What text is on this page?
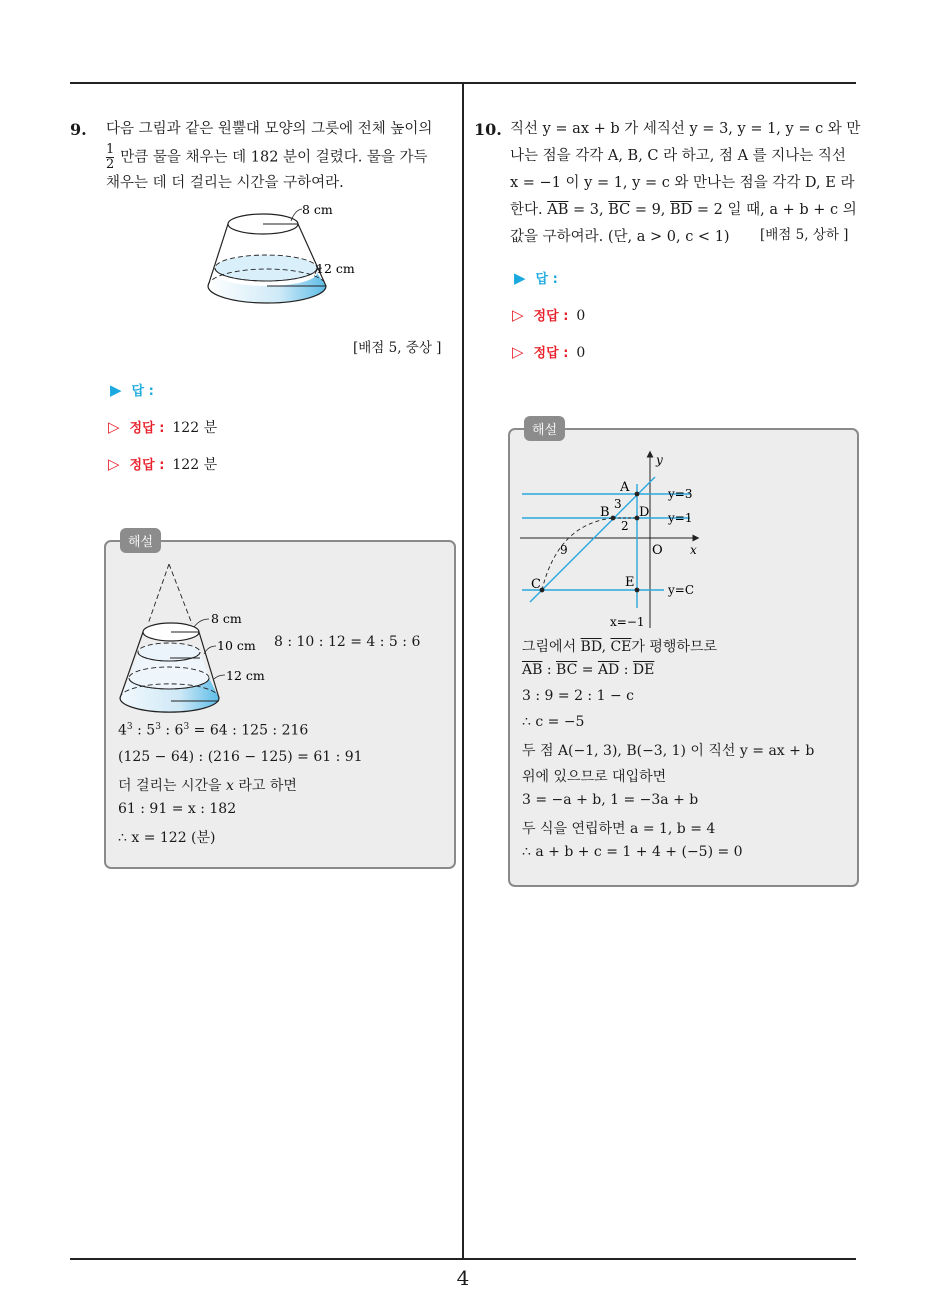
4
9. 다음 그림과 같은 원뿔대 모양의 그릇에 전체 높이의
$\frac{1}{2}$ 만큼 물을 채우는 데 182 분이 걸렸다. 물을 가득
채우는 데 더 걸리는 시간을 구하여라.
8 cm
12 cm
[배점 5, 중상 ]
▶ 답 :
▷ 정답 : 122 분
▷ 정답 : 122 분
해설
8 cm
10 cm
12 cm
8 : 10 : 12 = 4 : 5 : 6
$4^3$ : $5^3$ : $6^3 = 64$ : 125 : 216
(125 − 64) : (216 − 125) = 61 : 91
더 걸리는 시간을 x 라고 하면
61 : 91 = x : 182
∴ x = 122 (분)
10. 직선 y = ax + b 가 세직선 y = 3, y = 1, y = c 와 만
나는 점을 각각 A, B, C 라 하고, 점 A 를 지나는 직선
x = −1 이 y = 1, y = c 와 만나는 점을 각각 D, E 라
한다. $\overline{AB} = 3$, $\overline{BC} = 9$, $\overline{BD} = 2$ 일 때, a + b + c 의
값을 구하여라. (단, a > 0, c < 1)	[배점 5, 상하 ]
▶ 답 :
▷ 정답 : 0
▷ 정답 : 0
해설
y
x
O
A
B
C
D
E
3
2
9
y=3
y=1
y=C
x=−1
그림에서 $\overline{BD}$, $\overline{CE}$가 평행하므로
$\overline{AB}$ : $\overline{BC} = \overline{AD}$ : $\overline{DE}$
3 : 9 = 2 : 1 − c
∴ c = −5
두 점 A(−1, 3), B(−3, 1) 이 직선 y = ax + b
위에 있으므로 대입하면
3 = −a + b, 1 = −3a + b
두 식을 연립하면 a = 1, b = 4
∴ a + b + c = 1 + 4 + (−5) = 0
